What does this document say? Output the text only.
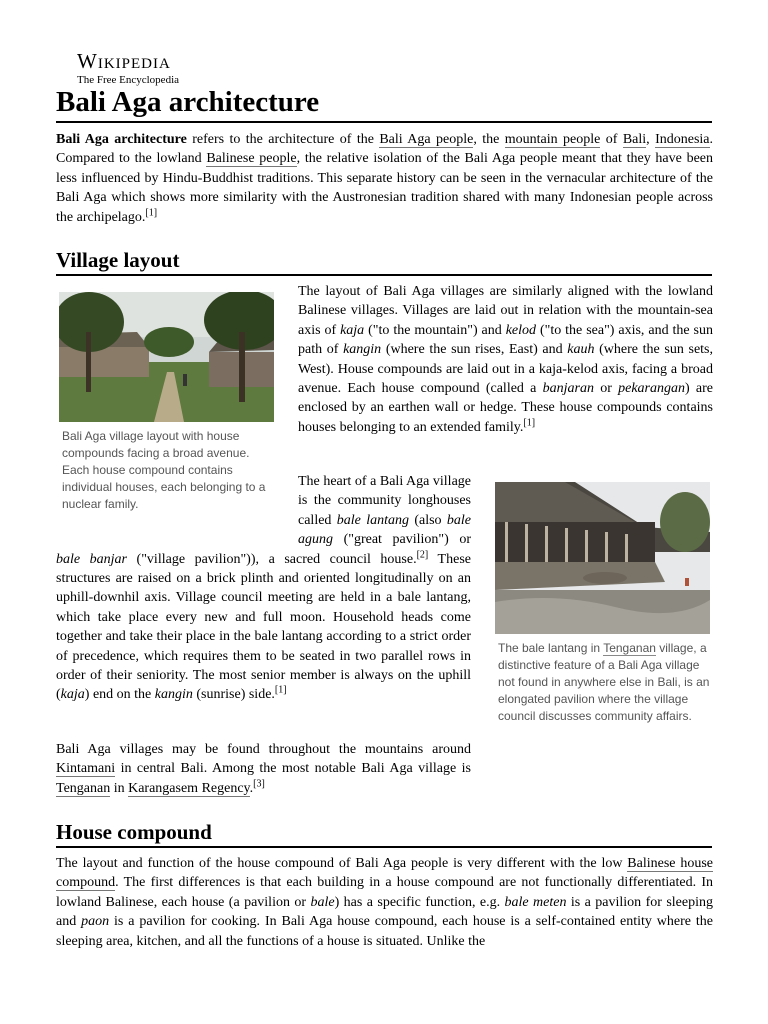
Wikipedia
The Free Encyclopedia
Bali Aga architecture

Bali Aga architecture refers to the architecture of the Bali Aga people, the mountain people of Bali, Indonesia. Compared to the lowland Balinese people, the relative isolation of the Bali Aga people meant that they have been less influenced by Hindu-Buddhist traditions. This separate history can be seen in the vernacular architecture of the Bali Aga which shows more similarity with the Austronesian tradition shared with many Indonesian people across the archipelago.[1]

Village layout
Bali Aga village layout with house compounds facing a broad avenue. Each house compound contains individual houses, each belonging to a nuclear family.

The layout of Bali Aga villages are similarly aligned with the lowland Balinese villages. Villages are laid out in relation with the mountain-sea axis of kaja ("to the mountain") and kelod ("to the sea") axis, and the sun path of kangin (where the sun rises, East) and kauh (where the sun sets, West). House compounds are laid out in a kaja-kelod axis, facing a broad avenue. Each house compound (called a banjaran or pekarangan) are enclosed by an earthen wall or hedge. These house compounds contains houses belonging to an extended family.[1]

The bale lantang in Tenganan village, a distinctive feature of a Bali Aga village not found in anywhere else in Bali, is an elongated pavilion where the village council discusses community affairs.

The heart of a Bali Aga village is the community longhouses called bale lantang (also bale agung ("great pavilion") or bale banjar ("village pavilion")), a sacred council house.[2] These structures are raised on a brick plinth and oriented longitudinally on an uphill-downhil axis. Village council meeting are held in a bale lantang, which take place every new and full moon. Household heads come together and take their place in the bale lantang according to a strict order of precedence, which requires them to be seated in two parallel rows in order of their seniority. The most senior member is always on the uphill (kaja) end on the kangin (sunrise) side.[1]

Bali Aga villages may be found throughout the mountains around Kintamani in central Bali. Among the most notable Bali Aga village is Tenganan in Karangasem Regency.[3]

House compound

The layout and function of the house compound of Bali Aga people is very different with the low Balinese house compound. The first differences is that each building in a house compound are not functionally differentiated. In lowland Balinese, each house (a pavilion or bale) has a specific function, e.g. bale meten is a pavilion for sleeping and paon is a pavilion for cooking. In Bali Aga house compound, each house is a self-contained entity where the sleeping area, kitchen, and all the functions of a house is situated. Unlike the
